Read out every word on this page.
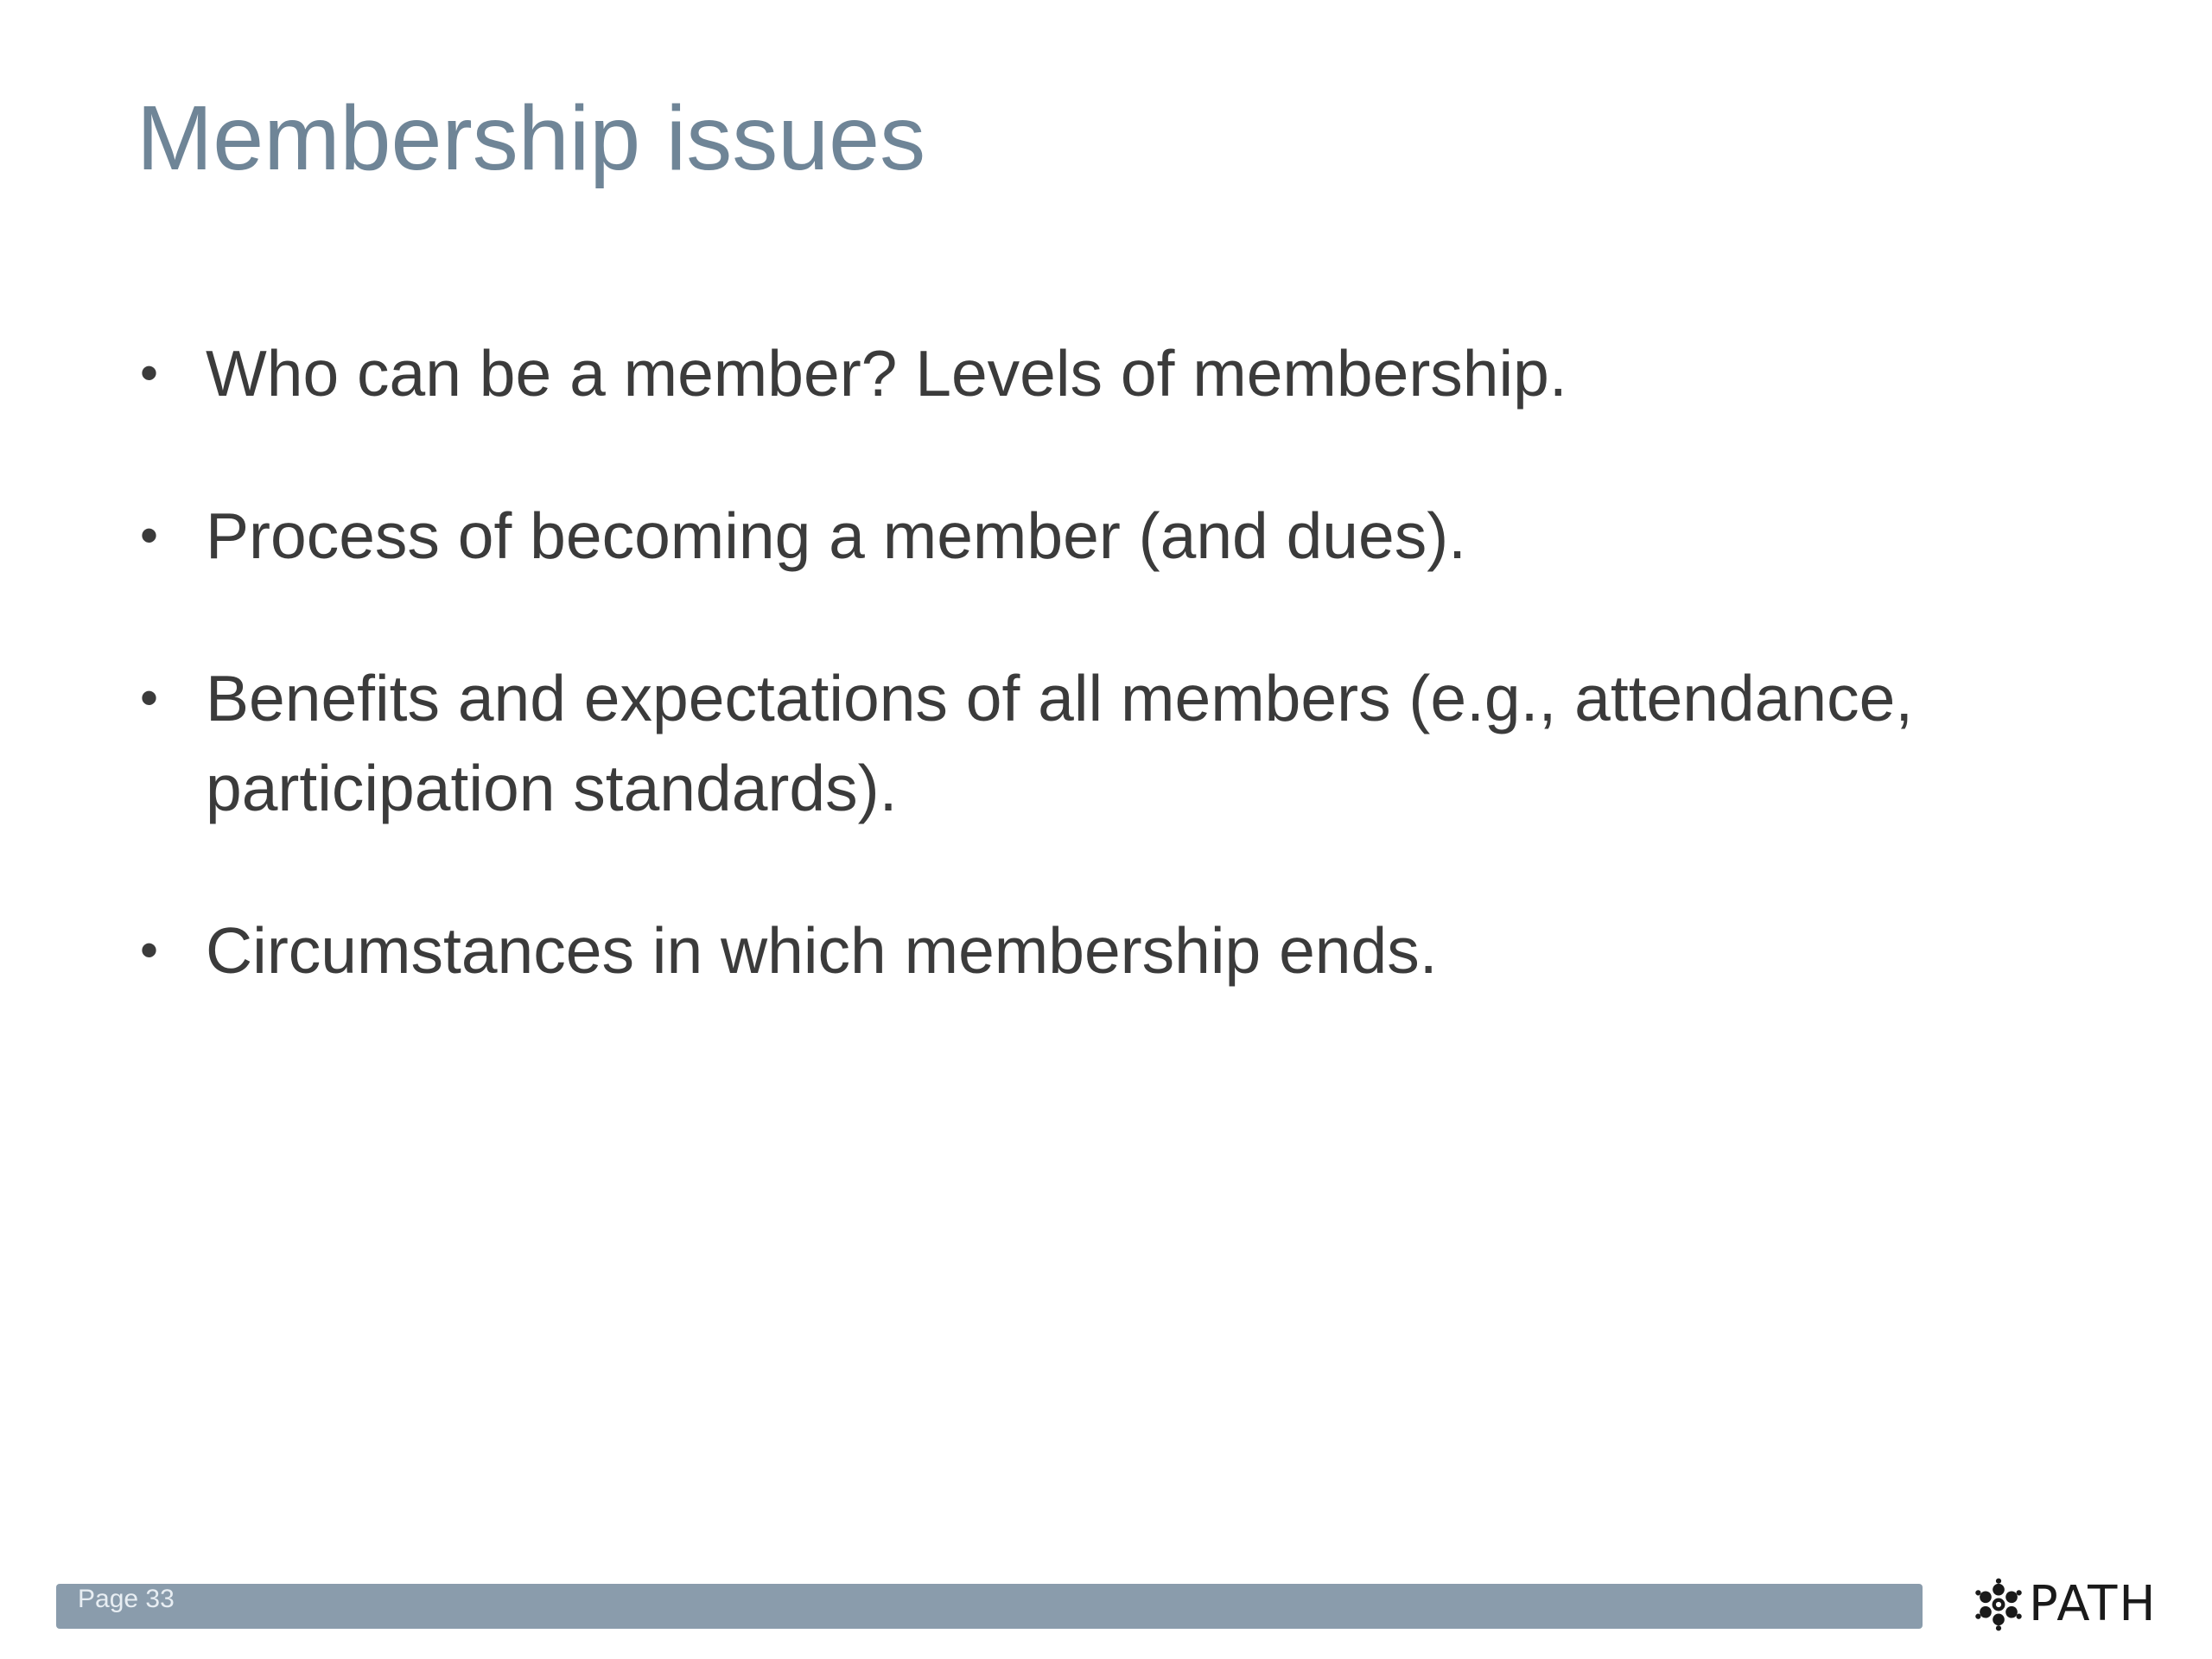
Membership issues
• Who can be a member? Levels of membership.
• Process of becoming a member (and dues).
• Benefits and expectations of all members (e.g., attendance, participation standards).
• Circumstances in which membership ends.
Page 33	PATH
